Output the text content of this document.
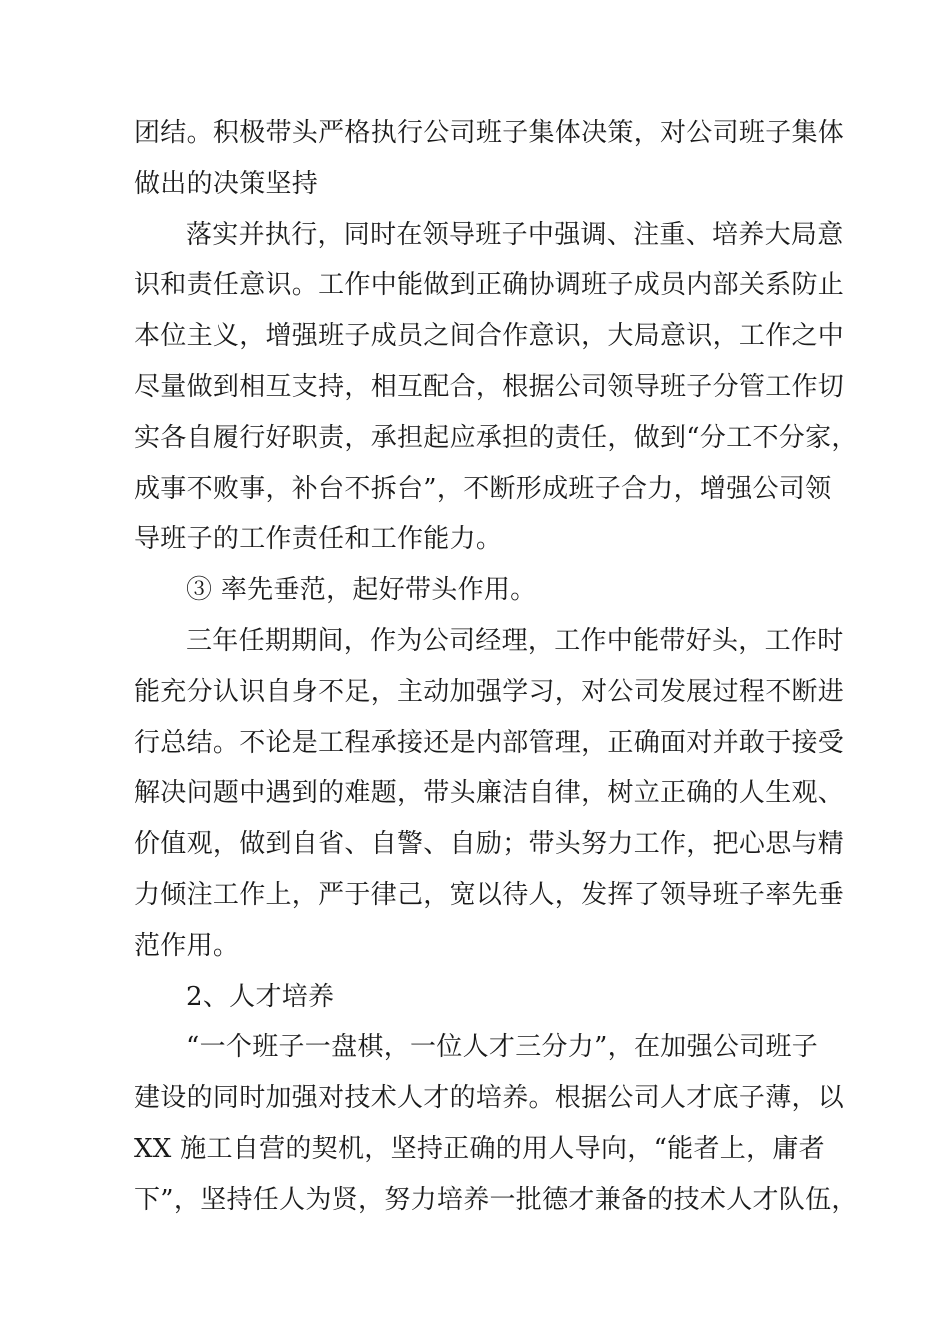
团结。积极带头严格执行公司班子集体决策，对公司班子集体
做出的决策坚持
落实并执行，同时在领导班子中强调、注重、培养大局意
识和责任意识。工作中能做到正确协调班子成员内部关系防止
本位主义，增强班子成员之间合作意识，大局意识，工作之中
尽量做到相互支持，相互配合，根据公司领导班子分管工作切
实各自履行好职责，承担起应承担的责任，做到“分工不分家，
成事不败事，补台不拆台”，不断形成班子合力，增强公司领
导班子的工作责任和工作能力。
③ 率先垂范，起好带头作用。
三年任期期间，作为公司经理，工作中能带好头，工作时
能充分认识自身不足，主动加强学习，对公司发展过程不断进
行总结。不论是工程承接还是内部管理，正确面对并敢于接受
解决问题中遇到的难题，带头廉洁自律，树立正确的人生观、
价值观，做到自省、自警、自励；带头努力工作，把心思与精
力倾注工作上，严于律己，宽以待人，发挥了领导班子率先垂
范作用。
2、人才培养
“一个班子一盘棋，一位人才三分力”，在加强公司班子
建设的同时加强对技术人才的培养。根据公司人才底子薄，以
XX 施工自营的契机，坚持正确的用人导向，“能者上，庸者
下”，坚持任人为贤，努力培养一批德才兼备的技术人才队伍，
